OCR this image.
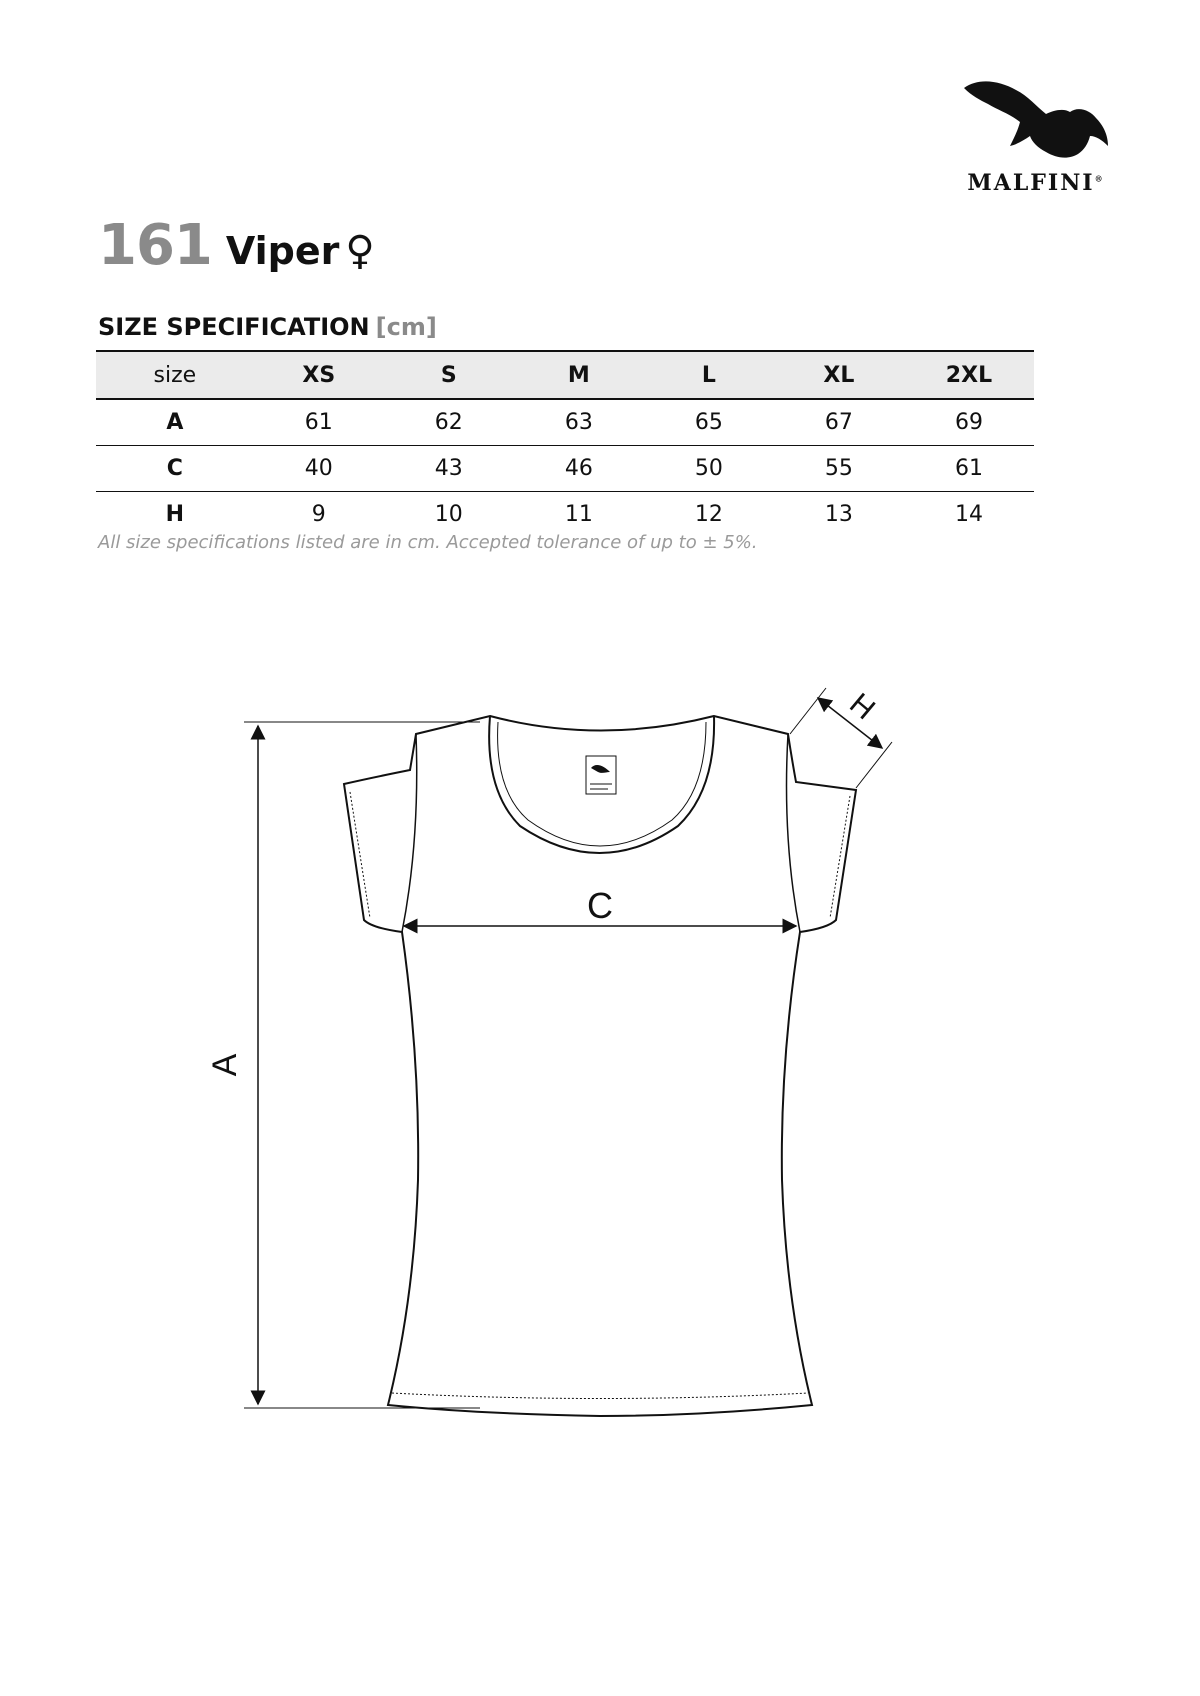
MALFINI®
161 Viper ♀
SIZE SPECIFICATION [cm]
size	XS	S	M	L	XL	2XL
A	61	62	63	65	67	69
C	40	43	46	50	55	61
H	9	10	11	12	13	14
All size specifications listed are in cm. Accepted tolerance of up to ± 5%.
A
C
H
